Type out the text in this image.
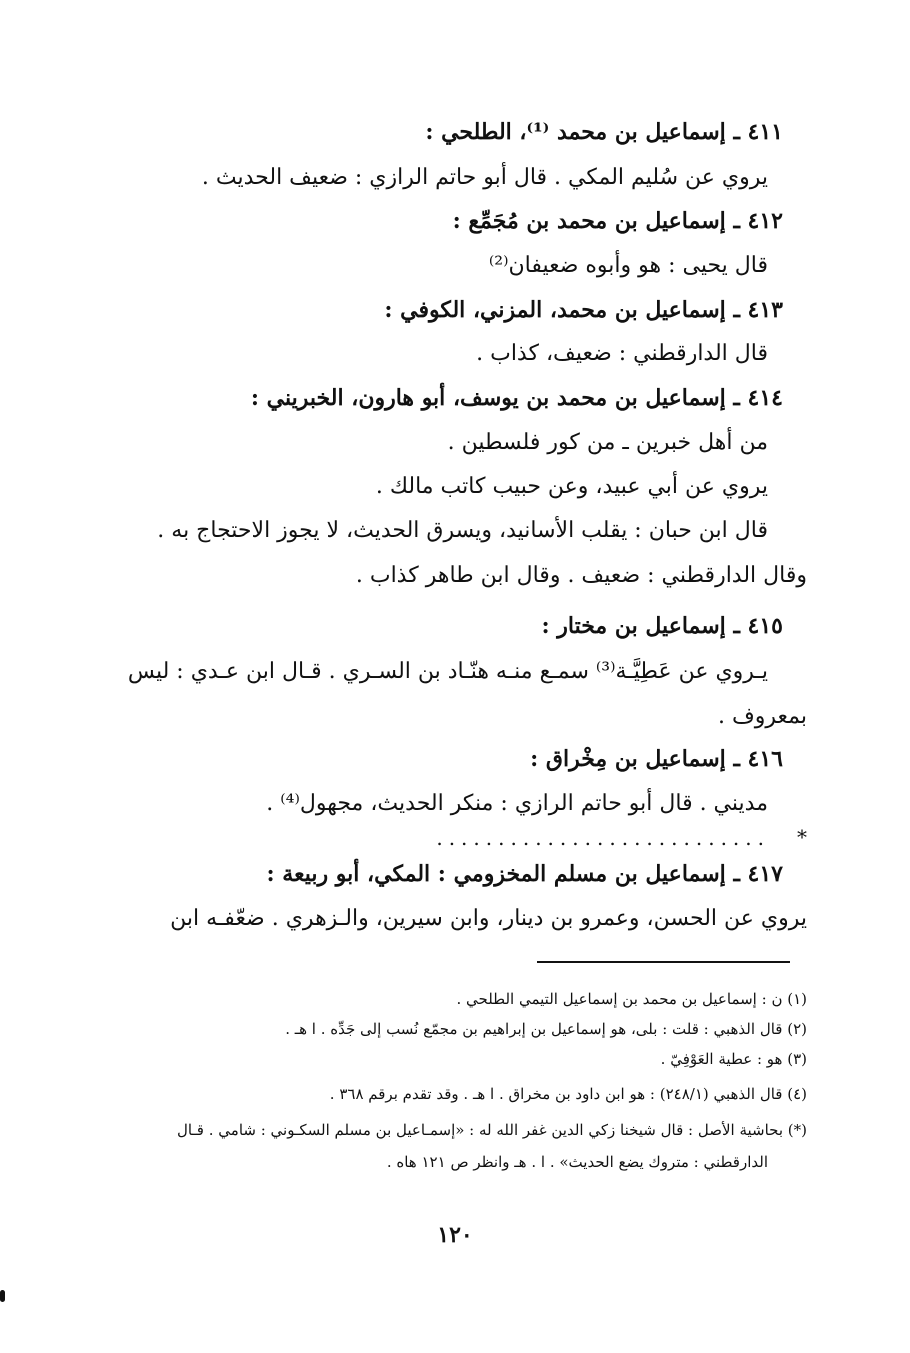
٤١١ ـ إسماعيل بن محمد ⁽¹⁾، الطلحي :
يروي عن سُليم المكي . قال أبو حاتم الرازي : ضعيف الحديث .
٤١٢ ـ إسماعيل بن محمد بن مُجَمِّع :
قال يحيى : هو وأبوه ضعيفان⁽²⁾
٤١٣ ـ إسماعيل بن محمد، المزني، الكوفي :
قال الدارقطني : ضعيف، كذاب .
٤١٤ ـ إسماعيل بن محمد بن يوسف، أبو هارون، الخبريني :
من أهل خبرين ـ من كور فلسطين .
يروي عن أبي عبيد، وعن حبيب كاتب مالك .
قال ابن حبان : يقلب الأسانيد، ويسرق الحديث، لا يجوز الاحتجاج به .
وقال الدارقطني : ضعيف . وقال ابن طاهر كذاب .
٤١٥ ـ إسماعيل بن مختار :
يـروي عن عَطِيَّـة⁽³⁾ سمـع منـه هنّـاد بن السـري . قـال ابن عـدي : ليس
بمعروف .
٤١٦ ـ إسماعيل بن مِخْراق :
مديني . قال أبو حاتم الرازي : منكر الحديث، مجهول⁽⁴⁾ .
*
...........................
٤١٧ ـ إسماعيل بن مسلم المخزومي : المكي، أبو ربيعة :
يروي عن الحسن، وعمرو بن دينار، وابن سيرين، والـزهري . ضعّفـه ابن
(١) ن : إسماعيل بن محمد بن إسماعيل التيمي الطلحي .
(٢) قال الذهبي : قلت : بلى، هو إسماعيل بن إبراهيم بن مجمّع نُسب إلى جَدِّه . ا هـ .
(٣) هو : عطية العَوْفِيّ .
(٤) قال الذهبي (٢٤٨/١) : هو ابن داود بن مخراق . ا هـ . وقد تقدم برقم ٣٦٨ .
(*) بحاشية الأصل : قال شيخنا زكي الدين غفر الله له : «إسمـاعيل بن مسلم السكـوني : شامي . قـال
الدارقطني : متروك يضع الحديث» . ا . هـ وانظر ص ١٢١ هاه .
١٢٠
